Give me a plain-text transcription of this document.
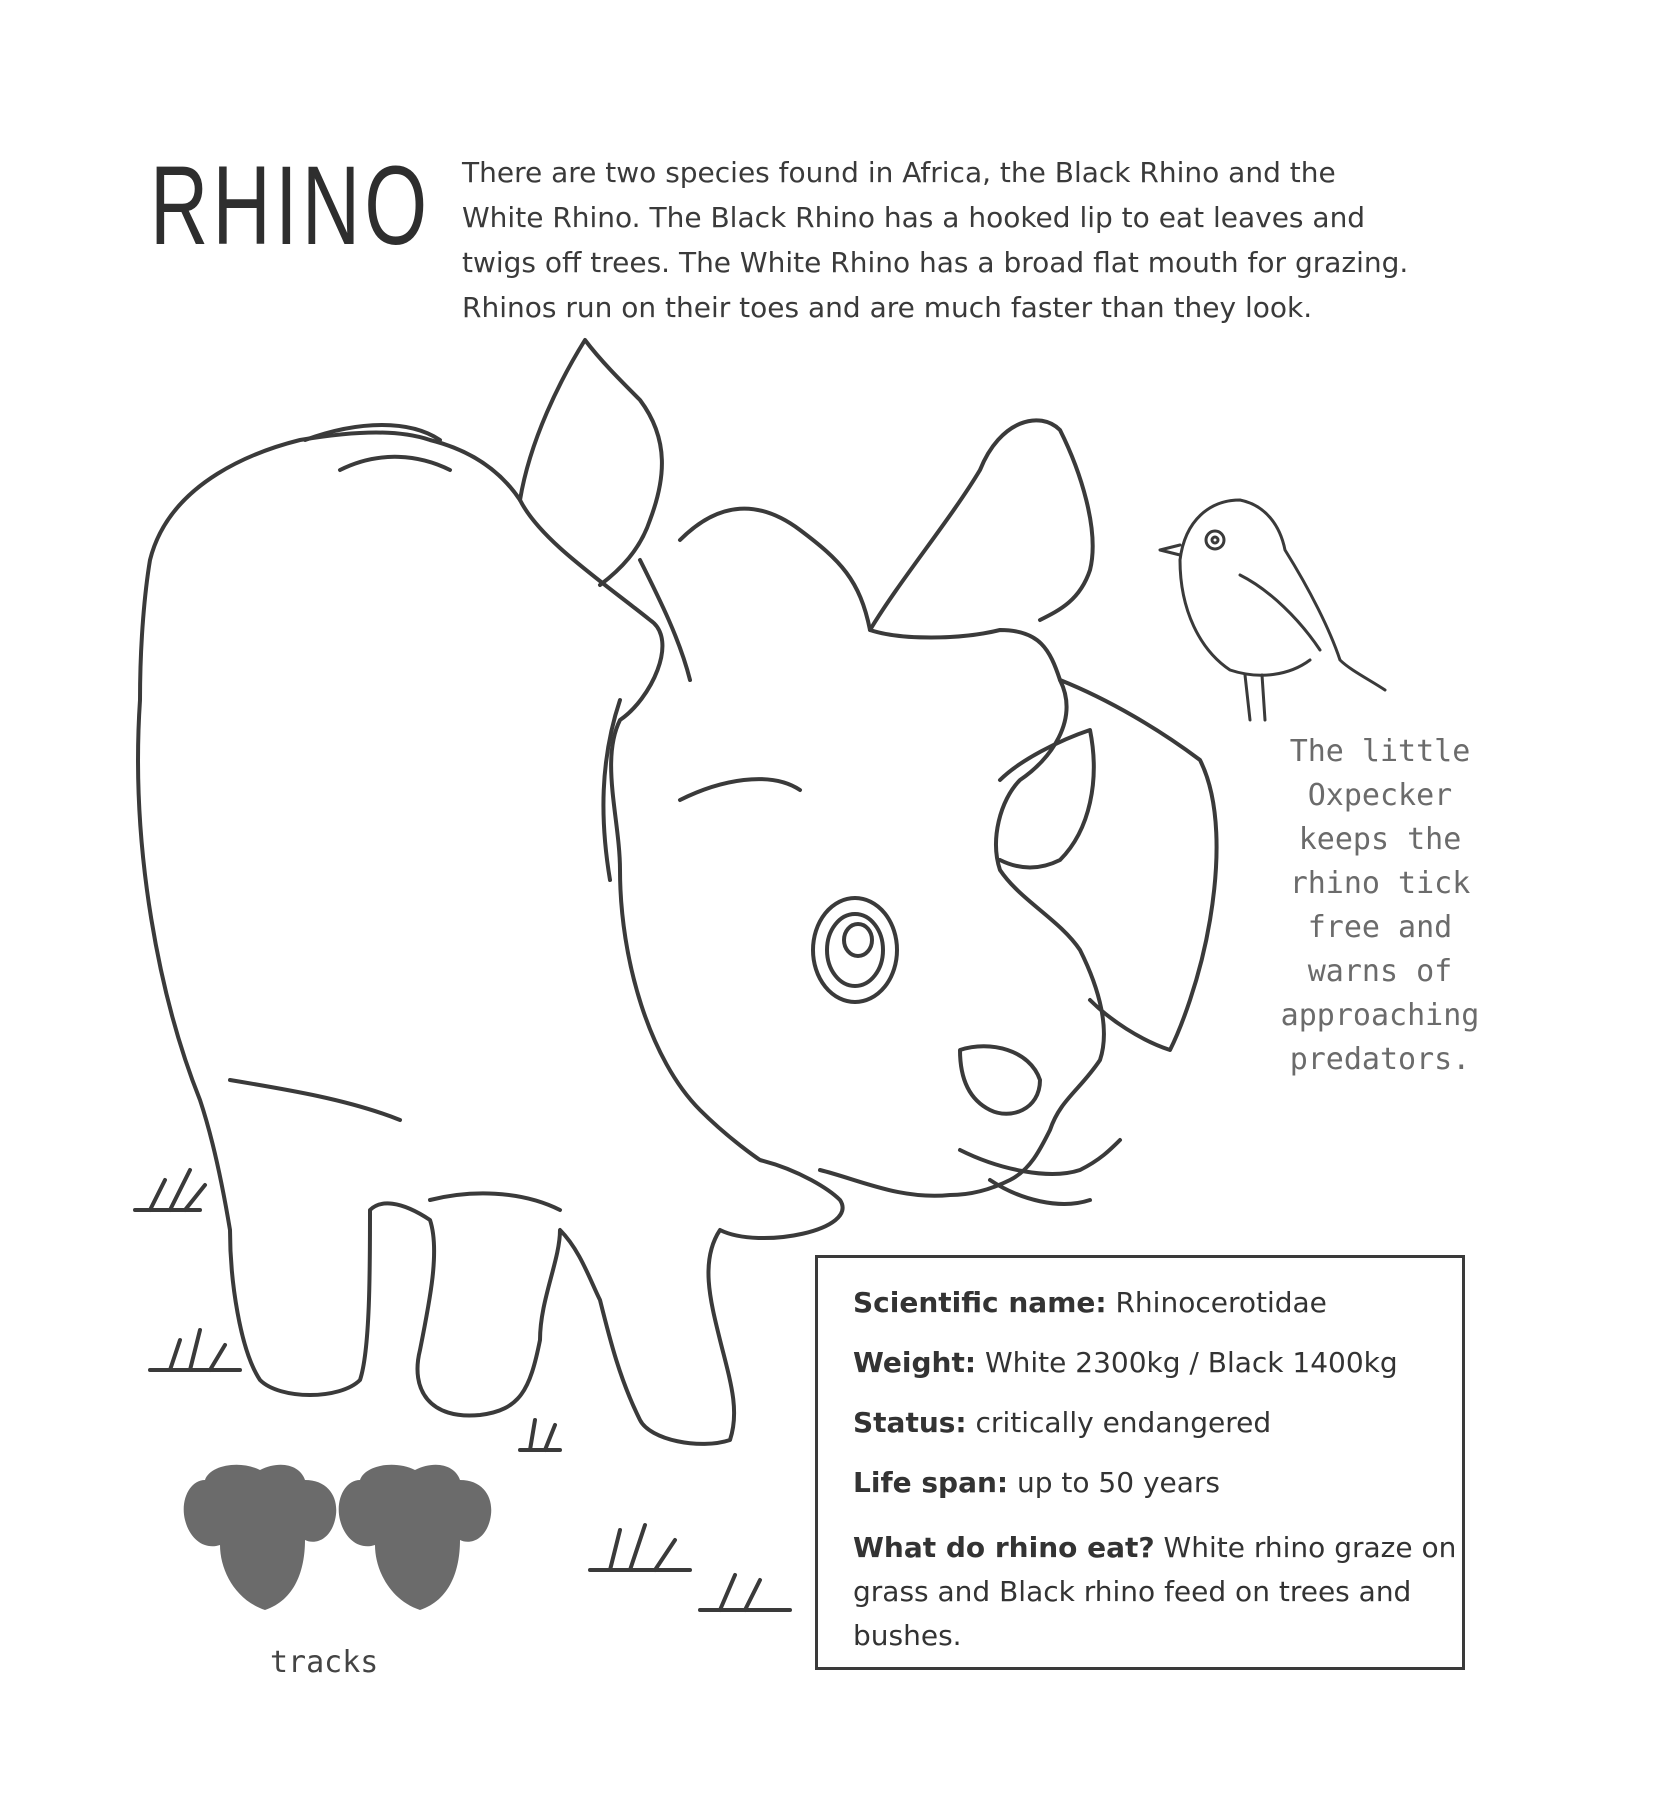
RHINO There are two species found in Africa, the Black Rhino and the

White Rhino. The Black Rhino has a hooked lip to eat leaves and

twigs off trees. The White Rhino has a broad flat mouth for grazing.

Rhinos run on their toes and are much faster than they look.

The little
Oxpecker
keeps the
rhino tick
free and
warns of
approaching
predators.
Scientific name: Rhinocerotidae
Weight: White 2300kg / Black 1400kg
Status: critically endangered
Life span: up to 50 years
What do rhino eat? White rhino graze on grass and Black rhino feed on trees and bushes.
tracks
